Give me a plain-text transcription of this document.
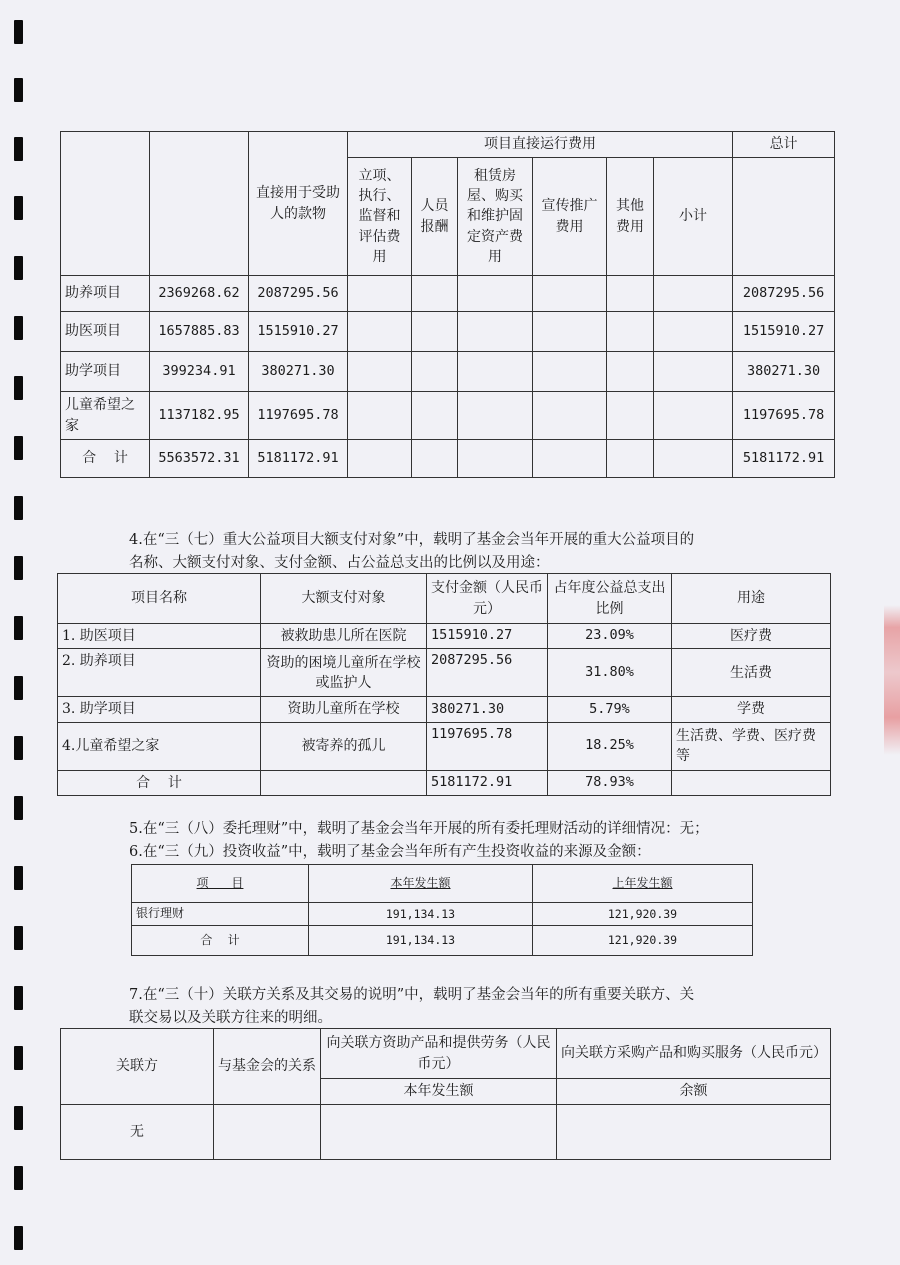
		直接用于受助人的款物	项目直接运行费用						总计
			立项、执行、监督和评估费用	人员报酬	租赁房屋、购买和维护固定资产费用	宣传推广费用	其他费用	小计	
助养项目	2369268.62	2087295.56							2087295.56
助医项目	1657885.83	1515910.27							1515910.27
助学项目	399234.91	380271.30							380271.30
儿童希望之家	1137182.95	1197695.78							1197695.78
合    计	5563572.31	5181172.91							5181172.91
4.在“三（七）重大公益项目大额支付对象”中，载明了基金会当年开展的重大公益项目的
名称、大额支付对象、支付金额、占公益总支出的比例以及用途：
项目名称	大额支付对象	支付金额（人民币元）	占年度公益总支出比例	用途
1. 助医项目	被救助患儿所在医院	1515910.27	23.09%	医疗费
2. 助养项目	资助的困境儿童所在学校或监护人	2087295.56	31.80%	生活费
3. 助学项目	资助儿童所在学校	380271.30	5.79%	学费
4.儿童希望之家	被寄养的孤儿	1197695.78	18.25%	生活费、学费、医疗费等
合    计		5181172.91	78.93%	
5.在“三（八）委托理财”中，载明了基金会当年开展的所有委托理财活动的详细情况：无；
6.在“三（九）投资收益”中，载明了基金会当年所有产生投资收益的来源及金额：
项      目	本年发生额	上年发生额
银行理财	191,134.13	121,920.39
合    计	191,134.13	121,920.39
7.在“三（十）关联方关系及其交易的说明”中，载明了基金会当年的所有重要关联方、关
联交易以及关联方往来的明细。
关联方	与基金会的关系	向关联方资助产品和提供劳务（人民币元）	向关联方采购产品和购买服务（人民币元）
		本年发生额	余额
无			
